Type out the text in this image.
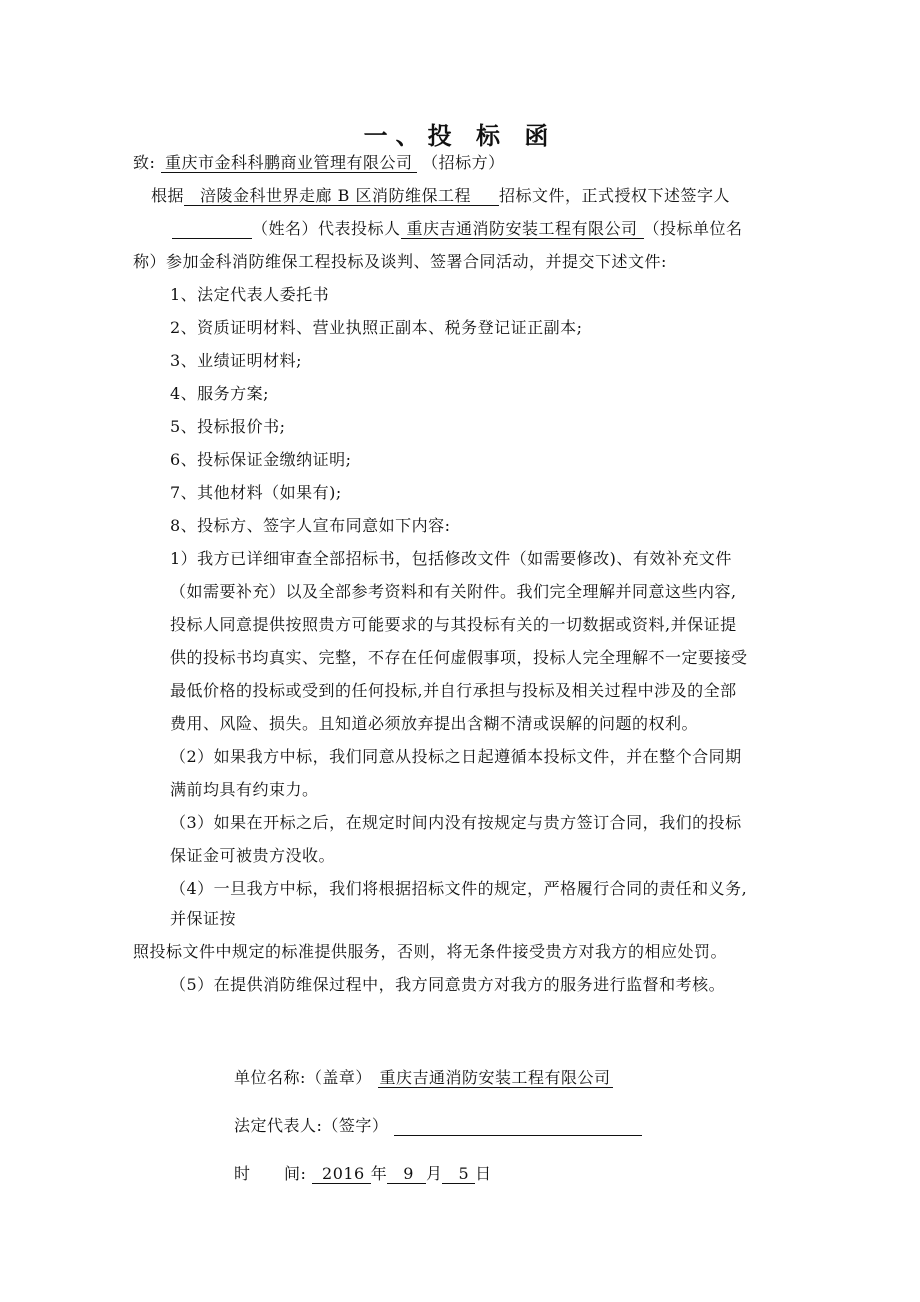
一、投 标 函
致: 重庆市金科科鹏商业管理有限公司 （招标方）
根据 涪陵金科世界走廊 B 区消防维保工程 招标文件，正式授权下述签字人
（姓名）代表投标人 重庆吉通消防安装工程有限公司 （投标单位名
称）参加金科消防维保工程投标及谈判、签署合同活动，并提交下述文件:
1、法定代表人委托书
2、资质证明材料、营业执照正副本、税务登记证正副本;
3、业绩证明材料;
4、服务方案;
5、投标报价书;
6、投标保证金缴纳证明;
7、其他材料（如果有);
8、投标方、签字人宣布同意如下内容:
1）我方已详细审查全部招标书，包括修改文件（如需要修改)、有效补充文件
（如需要补充）以及全部参考资料和有关附件。我们完全理解并同意这些内容,
投标人同意提供按照贵方可能要求的与其投标有关的一切数据或资料,并保证提
供的投标书均真实、完整，不存在任何虚假事项，投标人完全理解不一定要接受
最低价格的投标或受到的任何投标,并自行承担与投标及相关过程中涉及的全部
费用、风险、损失。且知道必须放弃提出含糊不清或误解的问题的权利。
（2）如果我方中标，我们同意从投标之日起遵循本投标文件，并在整个合同期
满前均具有约束力。
（3）如果在开标之后，在规定时间内没有按规定与贵方签订合同，我们的投标
保证金可被贵方没收。
（4）一旦我方中标，我们将根据招标文件的规定，严格履行合同的责任和义务,
并保证按
照投标文件中规定的标准提供服务，否则，将无条件接受贵方对我方的相应处罚。
（5）在提供消防维保过程中，我方同意贵方对我方的服务进行监督和考核。
单位名称:（盖章） 重庆吉通消防安装工程有限公司
法定代表人:（签字）
时间: 2016 年 9 月 5 日
